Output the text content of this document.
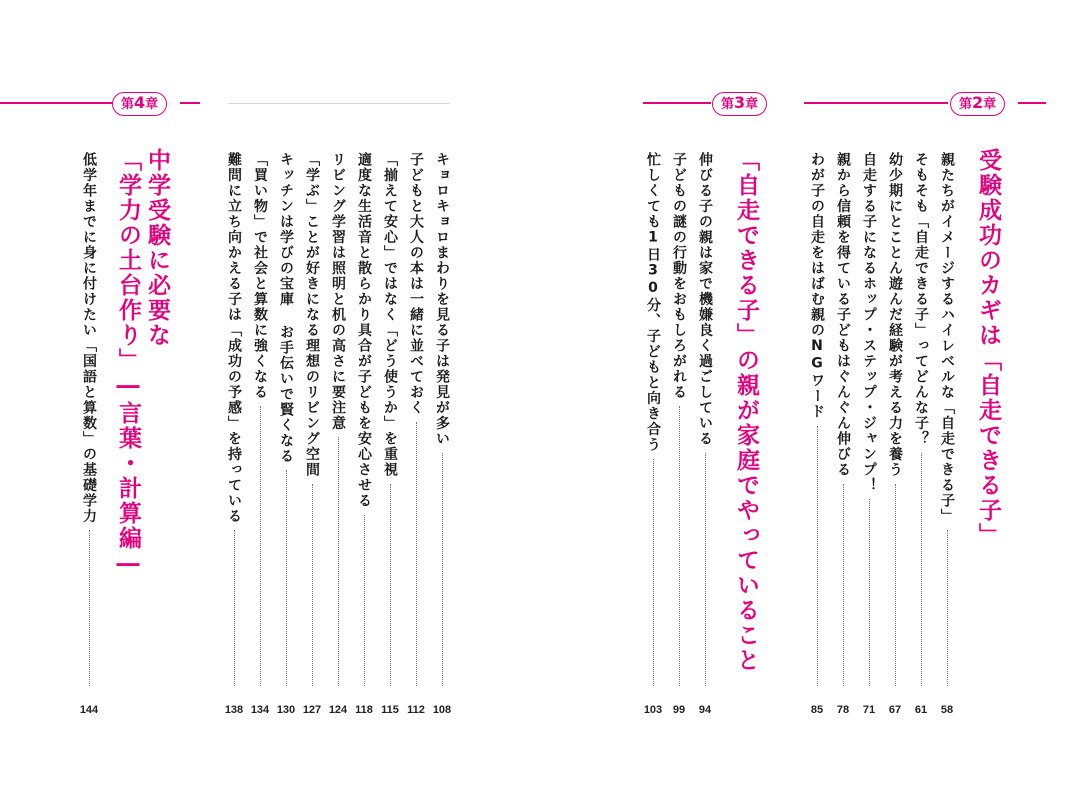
第4章
中学受験に必要な
「学力の土台作り」―言葉・計算編―
低学年までに身に付けたい「国語と算数」の基礎学力
144
キョロキョロまわりを見る子は発見が多い
108
子どもと大人の本は一緒に並べておく
112
「揃えて安心」ではなく「どう使うか」を重視
115
適度な生活音と散らかり具合が子どもを安心させる
118
リビング学習は照明と机の高さに要注意
124
「学ぶ」ことが好きになる理想のリビング空間
127
キッチンは学びの宝庫 お手伝いで賢くなる
130
「買い物」で社会と算数に強くなる
134
難問に立ち向かえる子は「成功の予感」を持っている
138
第3章	第2章
「自走できる子」の親が家庭でやっていること
伸びる子の親は家で機嫌良く過ごしている
94
子どもの謎の行動をおもしろがれる
99
忙しくても1日30分、子どもと向き合う
103
受験成功のカギは「自走できる子」
親たちがイメージするハイレベルな「自走できる子」
58
そもそも「自走できる子」ってどんな子？
61
幼少期にとことん遊んだ経験が考える力を養う
67
自走する子になるホップ・ステップ・ジャンプ！
71
親から信頼を得ている子どもはぐんぐん伸びる
78
わが子の自走をはばむ親のNGワード
85
